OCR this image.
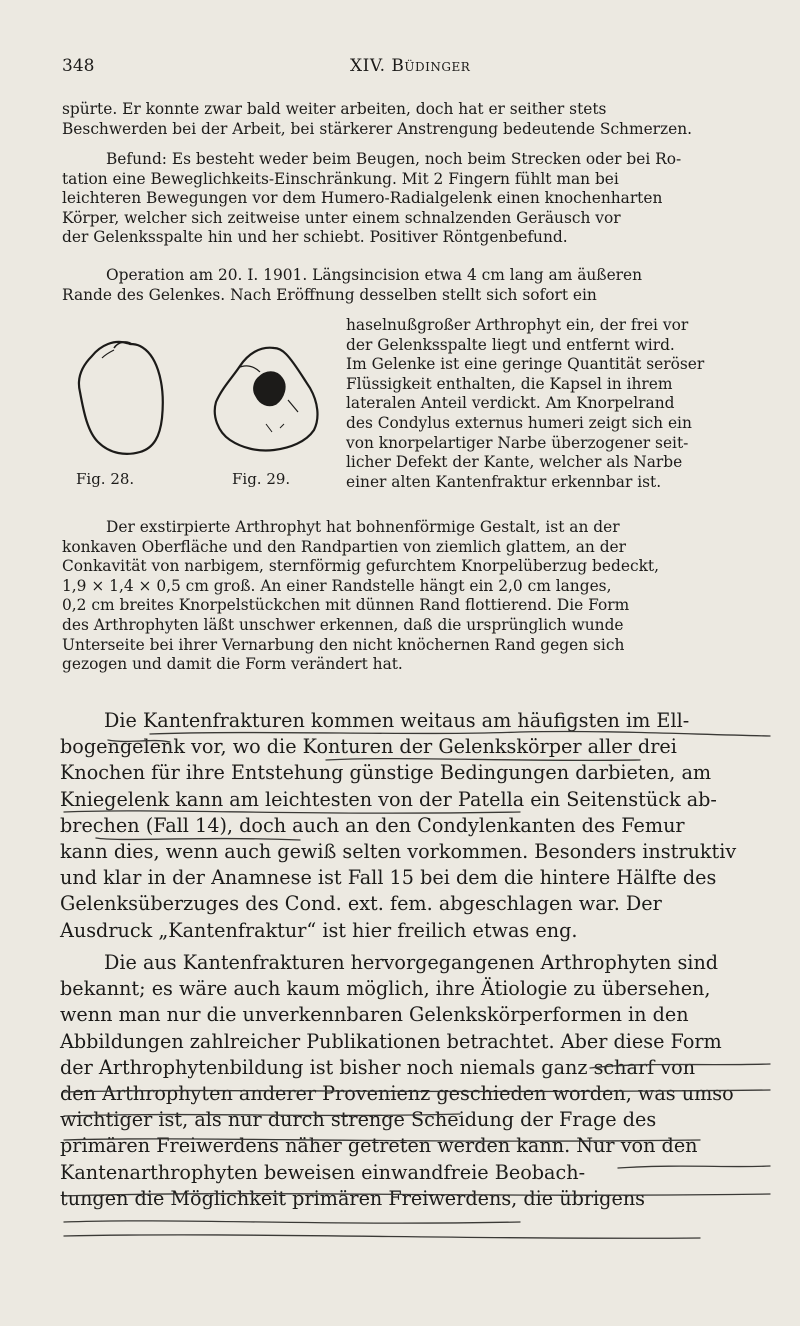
348	XIV. Büdinger
spürte. Er konnte zwar bald weiter arbeiten, doch hat er seither stets
Beschwerden bei der Arbeit, bei stärkerer Anstrengung bedeutende Schmerzen.
Befund: Es besteht weder beim Beugen, noch beim Strecken oder bei Ro-
tation eine Beweglichkeits-Einschränkung. Mit 2 Fingern fühlt man bei
leichteren Bewegungen vor dem Humero-Radialgelenk einen knochenharten
Körper, welcher sich zeitweise unter einem schnalzenden Geräusch vor
der Gelenksspalte hin und her schiebt. Positiver Röntgenbefund.
Operation am 20. I. 1901. Längsincision etwa 4 cm lang am äußeren
Rande des Gelenkes. Nach Eröffnung desselben stellt sich sofort ein
haselnußgroßer Arthrophyt ein, der frei vor
der Gelenksspalte liegt und entfernt wird.
Im Gelenke ist eine geringe Quantität seröser
Flüssigkeit enthalten, die Kapsel in ihrem
lateralen Anteil verdickt. Am Knorpelrand
des Condylus externus humeri zeigt sich ein
von knorpelartiger Narbe überzogener seit-
licher Defekt der Kante, welcher als Narbe
einer alten Kantenfraktur erkennbar ist.
Fig. 28.	Fig. 29.
Der exstirpierte Arthrophyt hat bohnenförmige Gestalt, ist an der
konkaven Oberfläche und den Randpartien von ziemlich glattem, an der
Conkavität von narbigem, sternförmig gefurchtem Knorpelüberzug bedeckt,
1,9 × 1,4 × 0,5 cm groß. An einer Randstelle hängt ein 2,0 cm langes,
0,2 cm breites Knorpelstückchen mit dünnen Rand flottierend. Die Form
des Arthrophyten läßt unschwer erkennen, daß die ursprünglich wunde
Unterseite bei ihrer Vernarbung den nicht knöchernen Rand gegen sich
gezogen und damit die Form verändert hat.
Die Kantenfrakturen kommen weitaus am häufigsten im Ell-
bogengelenk vor, wo die Konturen der Gelenkskörper aller drei
Knochen für ihre Entstehung günstige Bedingungen darbieten, am
Kniegelenk kann am leichtesten von der Patella ein Seitenstück ab-
brechen (Fall 14), doch auch an den Condylenkanten des Femur
kann dies, wenn auch gewiß selten vorkommen. Besonders instruktiv
und klar in der Anamnese ist Fall 15 bei dem die hintere Hälfte des
Gelenksüberzuges des Cond. ext. fem. abgeschlagen war. Der
Ausdruck „Kantenfraktur“ ist hier freilich etwas eng.
Die aus Kantenfrakturen hervorgegangenen Arthrophyten sind
bekannt; es wäre auch kaum möglich, ihre Ätiologie zu übersehen,
wenn man nur die unverkennbaren Gelenkskörperformen in den
Abbildungen zahlreicher Publikationen betrachtet. Aber diese Form
der Arthrophytenbildung ist bisher noch niemals ganz scharf von
den Arthrophyten anderer Provenienz geschieden worden, was umso
wichtiger ist, als nur durch strenge Scheidung der Frage des
primären Freiwerdens näher getreten werden kann. Nur von den
Kantenarthrophyten beweisen einwandfreie Beobach-
tungen die Möglichkeit primären Freiwerdens, die übrigens
